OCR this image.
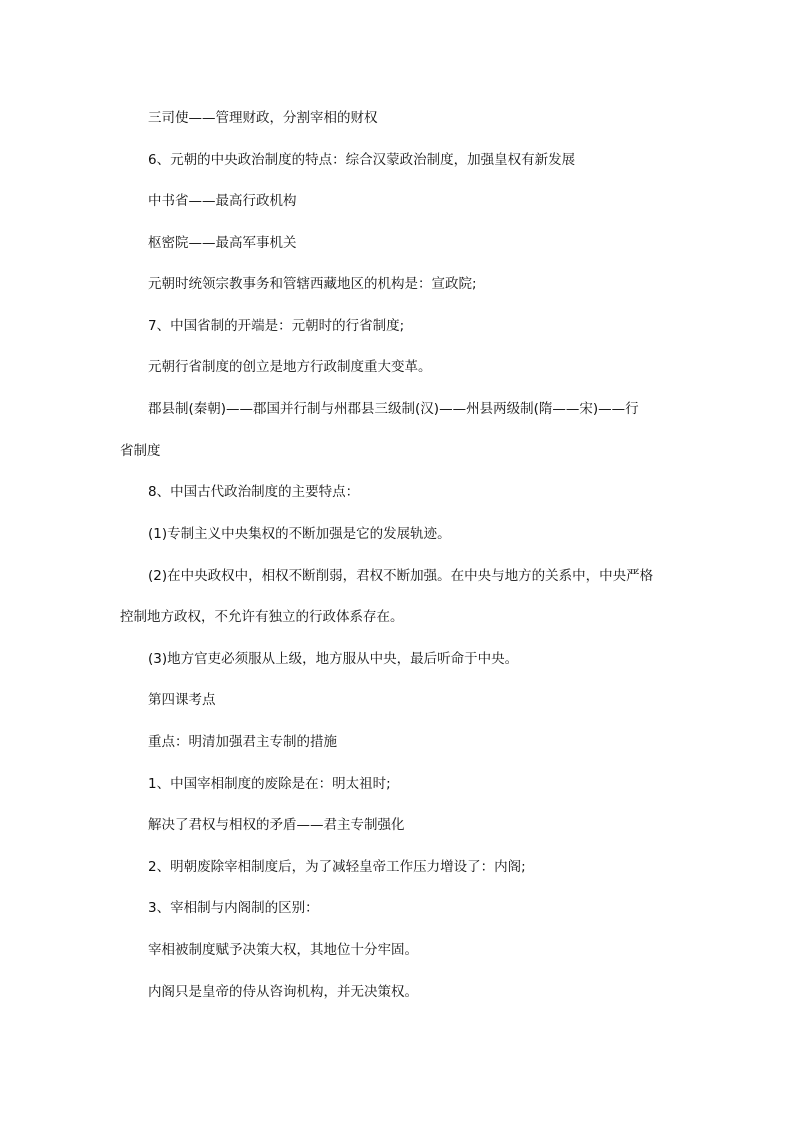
三司使——管理财政，分割宰相的财权

6、元朝的中央政治制度的特点：综合汉蒙政治制度，加强皇权有新发展

中书省——最高行政机构

枢密院——最高军事机关

元朝时统领宗教事务和管辖西藏地区的机构是：宣政院;

7、中国省制的开端是：元朝时的行省制度;

元朝行省制度的创立是地方行政制度重大变革。

郡县制(秦朝)——郡国并行制与州郡县三级制(汉)——州县两级制(隋——宋)——行

省制度

8、中国古代政治制度的主要特点：

(1)专制主义中央集权的不断加强是它的发展轨迹。

(2)在中央政权中，相权不断削弱，君权不断加强。在中央与地方的关系中，中央严格

控制地方政权，不允许有独立的行政体系存在。

(3)地方官吏必须服从上级，地方服从中央，最后听命于中央。

第四课考点

重点：明清加强君主专制的措施

1、中国宰相制度的废除是在：明太祖时;

解决了君权与相权的矛盾——君主专制强化

2、明朝废除宰相制度后，为了减轻皇帝工作压力增设了：内阁;

3、宰相制与内阁制的区别：

宰相被制度赋予决策大权，其地位十分牢固。

内阁只是皇帝的侍从咨询机构，并无决策权。
